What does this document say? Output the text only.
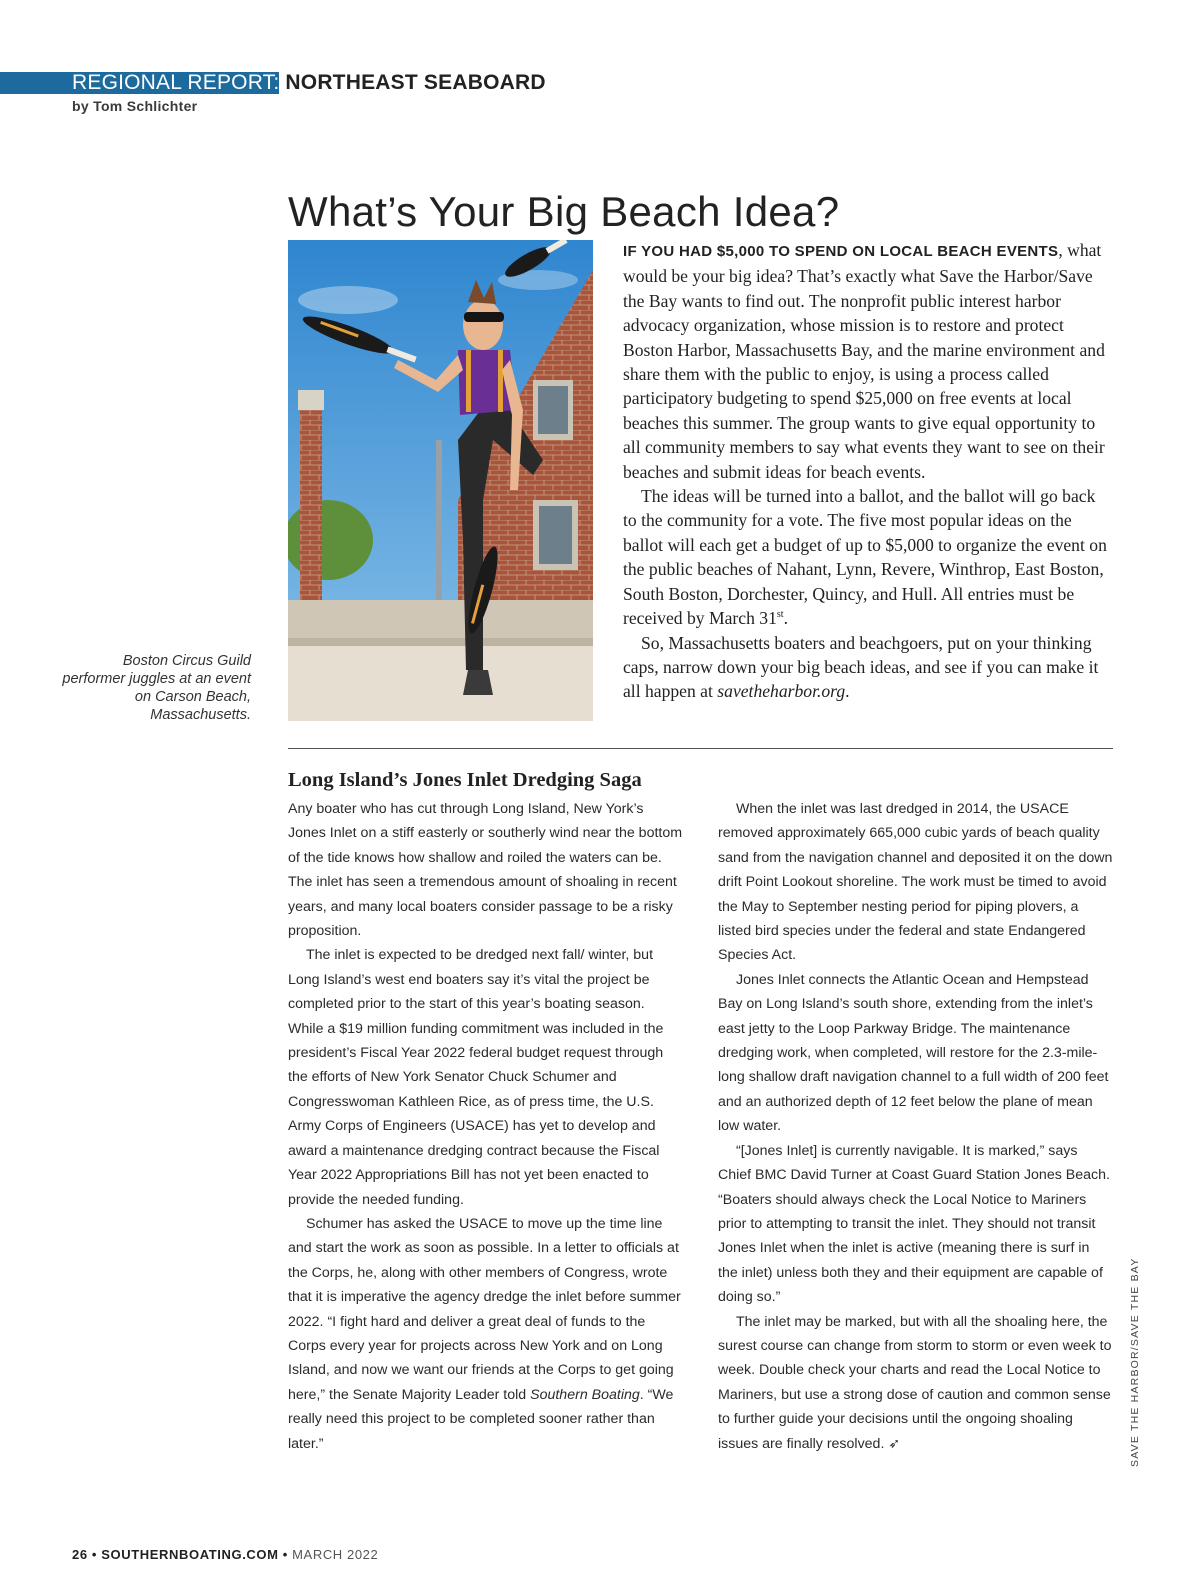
REGIONAL REPORT: NORTHEAST SEABOARD
by Tom Schlichter
What’s Your Big Beach Idea?
Boston Circus Guild performer juggles at an event on Carson Beach, Massachusetts.

IF YOU HAD $5,000 TO SPEND ON LOCAL BEACH EVENTS, what would be your big idea? That’s exactly what Save the Harbor/Save the Bay wants to find out. The nonprofit public interest harbor advocacy organization, whose mission is to restore and protect Boston Harbor, Massachusetts Bay, and the marine environment and share them with the public to enjoy, is using a process called participatory budgeting to spend $25,000 on free events at local beaches this summer. The group wants to give equal opportunity to all community members to say what events they want to see on their beaches and submit ideas for beach events.

The ideas will be turned into a ballot, and the ballot will go back to the community for a vote. The five most popular ideas on the ballot will each get a budget of up to $5,000 to organize the event on the public beaches of Nahant, Lynn, Revere, Winthrop, East Boston, South Boston, Dorchester, Quincy, and Hull. All entries must be received by March 31st.

So, Massachusetts boaters and beachgoers, put on your thinking caps, narrow down your big beach ideas, and see if you can make it all happen at savetheharbor.org.

Long Island’s Jones Inlet Dredging Saga

Any boater who has cut through Long Island, New York’s Jones Inlet on a stiff easterly or southerly wind near the bottom of the tide knows how shallow and roiled the waters can be. The inlet has seen a tremendous amount of shoaling in recent years, and many local boaters consider passage to be a risky proposition.

The inlet is expected to be dredged next fall/ winter, but Long Island’s west end boaters say it’s vital the project be completed prior to the start of this year’s boating season. While a $19 million funding commitment was included in the president’s Fiscal Year 2022 federal budget request through the efforts of New York Senator Chuck Schumer and Congresswoman Kathleen Rice, as of press time, the U.S. Army Corps of Engineers (USACE) has yet to develop and award a maintenance dredging contract because the Fiscal Year 2022 Appropriations Bill has not yet been enacted to provide the needed funding.

Schumer has asked the USACE to move up the time line and start the work as soon as possible. In a letter to officials at the Corps, he, along with other members of Congress, wrote that it is imperative the agency dredge the inlet before summer 2022. “I fight hard and deliver a great deal of funds to the Corps every year for projects across New York and on Long Island, and now we want our friends at the Corps to get going here,” the Senate Majority Leader told Southern Boating. “We really need this project to be completed sooner rather than later.”

When the inlet was last dredged in 2014, the USACE removed approximately 665,000 cubic yards of beach quality sand from the navigation channel and deposited it on the down drift Point Lookout shoreline. The work must be timed to avoid the May to September nesting period for piping plovers, a listed bird species under the federal and state Endangered Species Act.

Jones Inlet connects the Atlantic Ocean and Hempstead Bay on Long Island’s south shore, extending from the inlet’s east jetty to the Loop Parkway Bridge. The maintenance dredging work, when completed, will restore for the 2.3-mile-long shallow draft navigation channel to a full width of 200 feet and an authorized depth of 12 feet below the plane of mean low water.

“[Jones Inlet] is currently navigable. It is marked,” says Chief BMC David Turner at Coast Guard Station Jones Beach. “Boaters should always check the Local Notice to Mariners prior to attempting to transit the inlet. They should not transit Jones Inlet when the inlet is active (meaning there is surf in the inlet) unless both they and their equipment are capable of doing so.”

The inlet may be marked, but with all the shoaling here, the surest course can change from storm to storm or even week to week. Double check your charts and read the Local Notice to Mariners, but use a strong dose of caution and common sense to further guide your decisions until the ongoing shoaling issues are finally resolved. ➶	SAVE THE HARBOR/SAVE THE BAY
26 • SOUTHERNBOATING.COM • MARCH 2022
